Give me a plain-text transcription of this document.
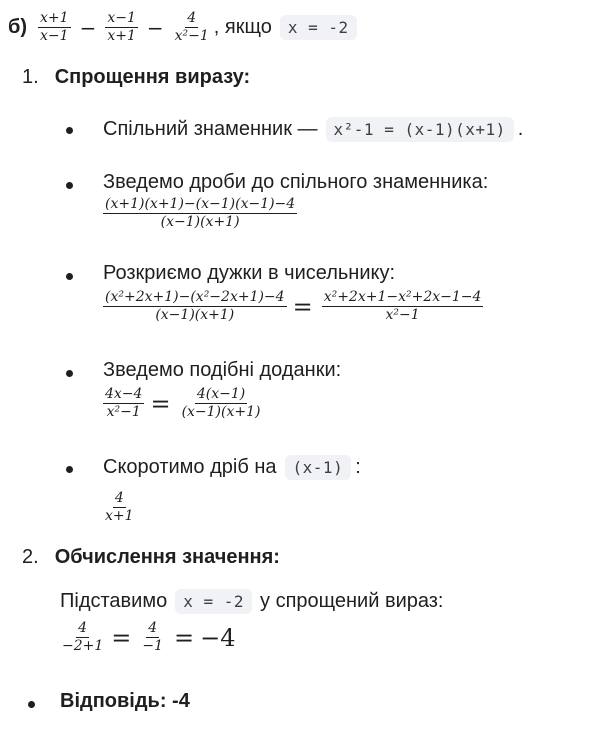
$б) \frac{x+1}{x-1} - \frac{x-1}{x+1} - \frac{4}{\text{x²−1}}$ , якщо	x = -2
1. Спрощення виразу:
Спільний знаменник —	x²-1 = (x-1)(x+1) .
Зведемо дроби до спільного знаменника:
$\frac{(x+1)(x+1)-(x-1)(x-1)-4}{(x-1)(x+1)}$
Розкриємо дужки в чисельнику:
$\frac{\text{(x²+2x+1)−(x²−2x+1)−4}}{(x-1)(x+1)} = \frac{\text{x²+2x+1−x²+2x−1−4}}{\text{x²−1}}$
Зведемо подібні доданки:
$\frac{4x-4}{\text{x²−1}} = \frac{4(x-1)}{(x-1)(x+1)}$
Скоротимо дріб на	(x-1) :
$\frac{4}{x+1}$
2. Обчислення значення:
Підставимо	x = -2 у спрощений вираз:
$\frac{4}{-2+1} = \frac{4}{-1} = -4$
Відповідь: -4
